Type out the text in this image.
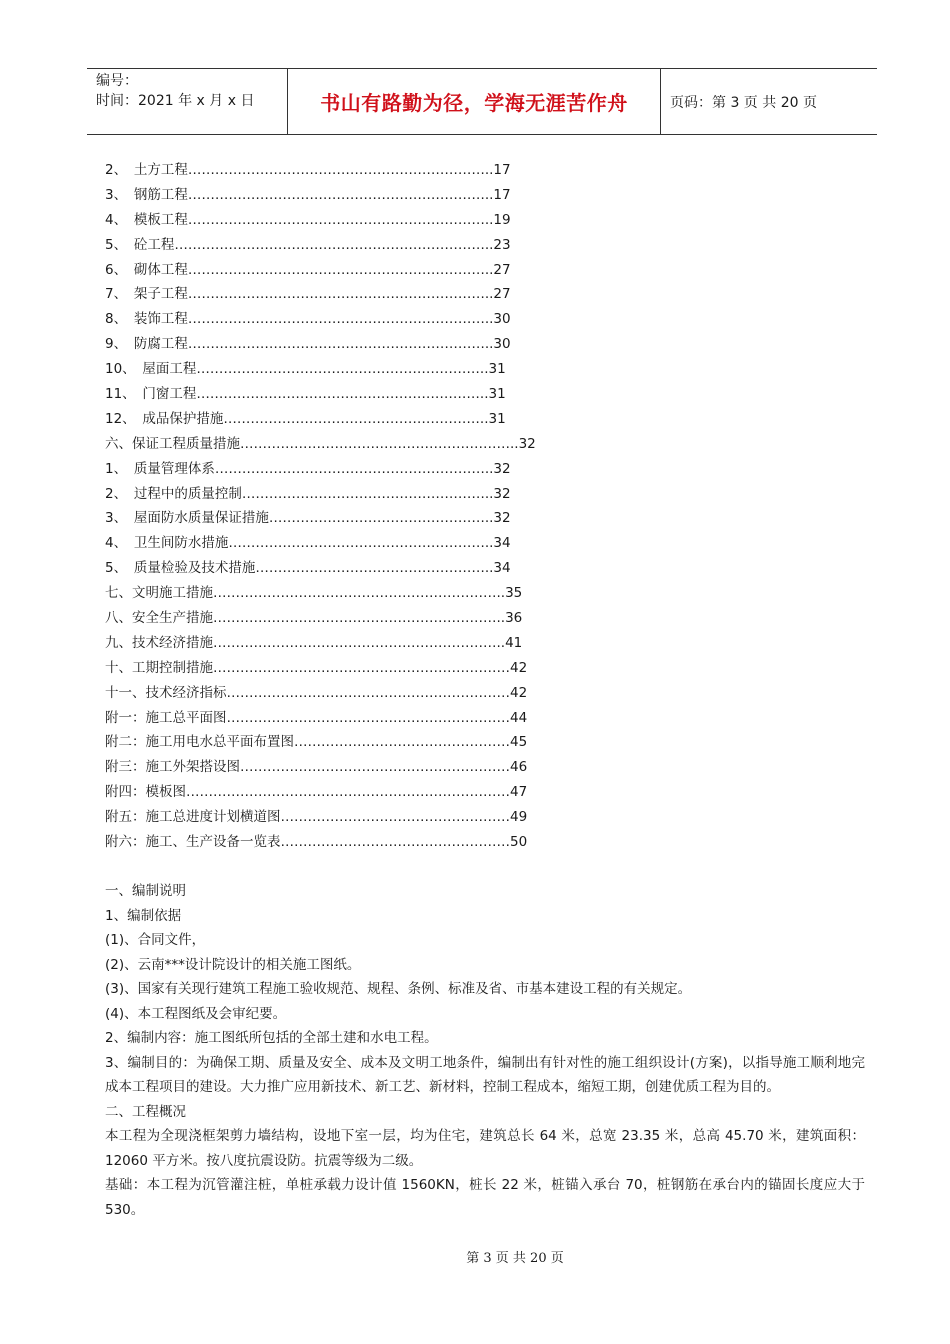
编号：
时间：2021 年 x 月 x 日	书山有路勤为径，学海无涯苦作舟	页码：第 3 页 共 20 页
2、　土方工程…………………………………………………………..17
3、　钢筋工程…………………………………………………………..17
4、　模板工程…………………………………………………………..19
5、　砼工程……………………………………………………………..23
6、　砌体工程…………………………………………………………..27
7、　架子工程…………………………………………………………..27
8、　装饰工程…………………………………………………………..30
9、　防腐工程…………………………………………………………..30
10、　屋面工程………………………………………………………..31
11、　门窗工程………………………………………………………..31
12、　成品保护措施…………………………………………………..31
六、保证工程质量措施……………………………………………………..32
1、　质量管理体系……………………………………………………..32
2、　过程中的质量控制………………………………………………..32
3、　屋面防水质量保证措施…………………………………………..32
4、　卫生间防水措施…………………………………………………..34
5、　质量检验及技术措施……………………………………………..34
七、文明施工措施………………………………………………………..35
八、安全生产措施………………………………………………………..36
九、技术经济措施………………………………………………………..41
十、工期控制措施…………………………………………………………42
十一、技术经济指标………………………………………………………42
附一：施工总平面图………………………………………………………44
附二：施工用电水总平面布置图…………………………………………45
附三：施工外架搭设图……………………………………………………46
附四：模板图………………………………………………………………47
附五：施工总进度计划横道图……………………………………………49
附六：施工、生产设备一览表……………………………………………50
一、编制说明
1、编制依据
(1)、合同文件，
(2)、云南***设计院设计的相关施工图纸。
(3)、国家有关现行建筑工程施工验收规范、规程、条例、标准及省、市基本建设工程的有关规定。
(4)、本工程图纸及会审纪要。
2、编制内容：施工图纸所包括的全部土建和水电工程。
3、编制目的：为确保工期、质量及安全、成本及文明工地条件，编制出有针对性的施工组织设计(方案)，以指导施工顺利地完成本工程项目的建设。大力推广应用新技术、新工艺、新材料，控制工程成本，缩短工期，创建优质工程为目的。
二、工程概况
本工程为全现浇框架剪力墙结构，设地下室一层，均为住宅，建筑总长 64 米，总宽 23.35 米，总高 45.70 米，建筑面积：12060 平方米。按八度抗震设防。抗震等级为二级。
基础：本工程为沉管灌注桩，单桩承载力设计值 1560KN，桩长 22 米，桩锚入承台 70，桩钢筋在承台内的锚固长度应大于 530。
第 3 页 共 20 页
